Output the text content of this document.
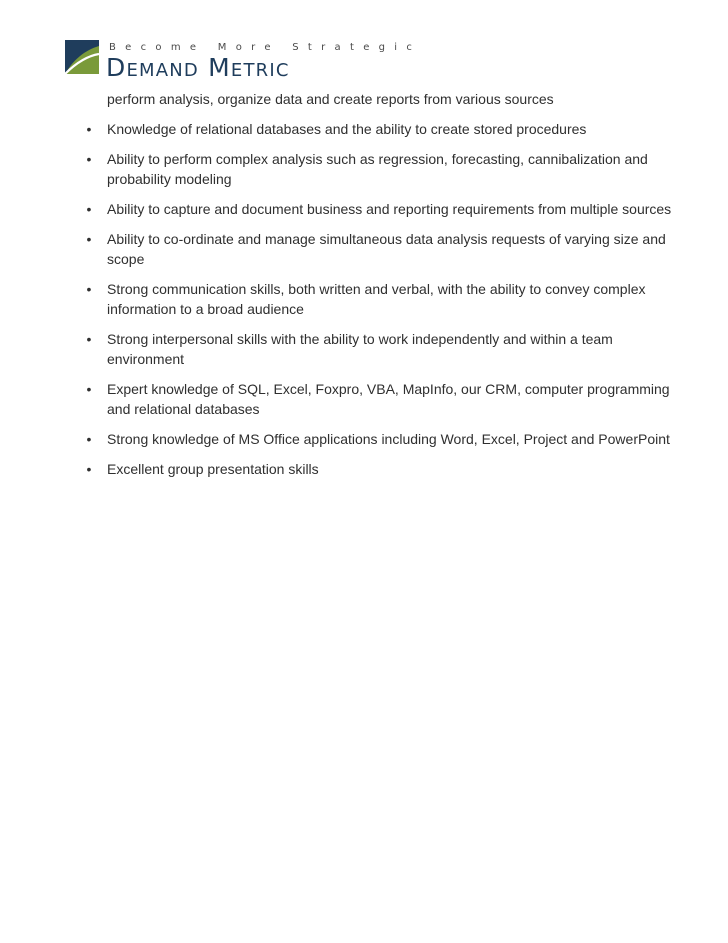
Become More Strategic
Demand Metric
perform analysis, organize data and create reports from various sources
• Knowledge of relational databases and the ability to create stored procedures
• Ability to perform complex analysis such as regression, forecasting, cannibalization and probability modeling
• Ability to capture and document business and reporting requirements from multiple sources
• Ability to co-ordinate and manage simultaneous data analysis requests of varying size and scope
• Strong communication skills, both written and verbal, with the ability to convey complex information to a broad audience
• Strong interpersonal skills with the ability to work independently and within a team environment
• Expert knowledge of SQL, Excel, Foxpro, VBA, MapInfo, our CRM, computer programming and relational databases
• Strong knowledge of MS Office applications including Word, Excel, Project and PowerPoint
• Excellent group presentation skills
